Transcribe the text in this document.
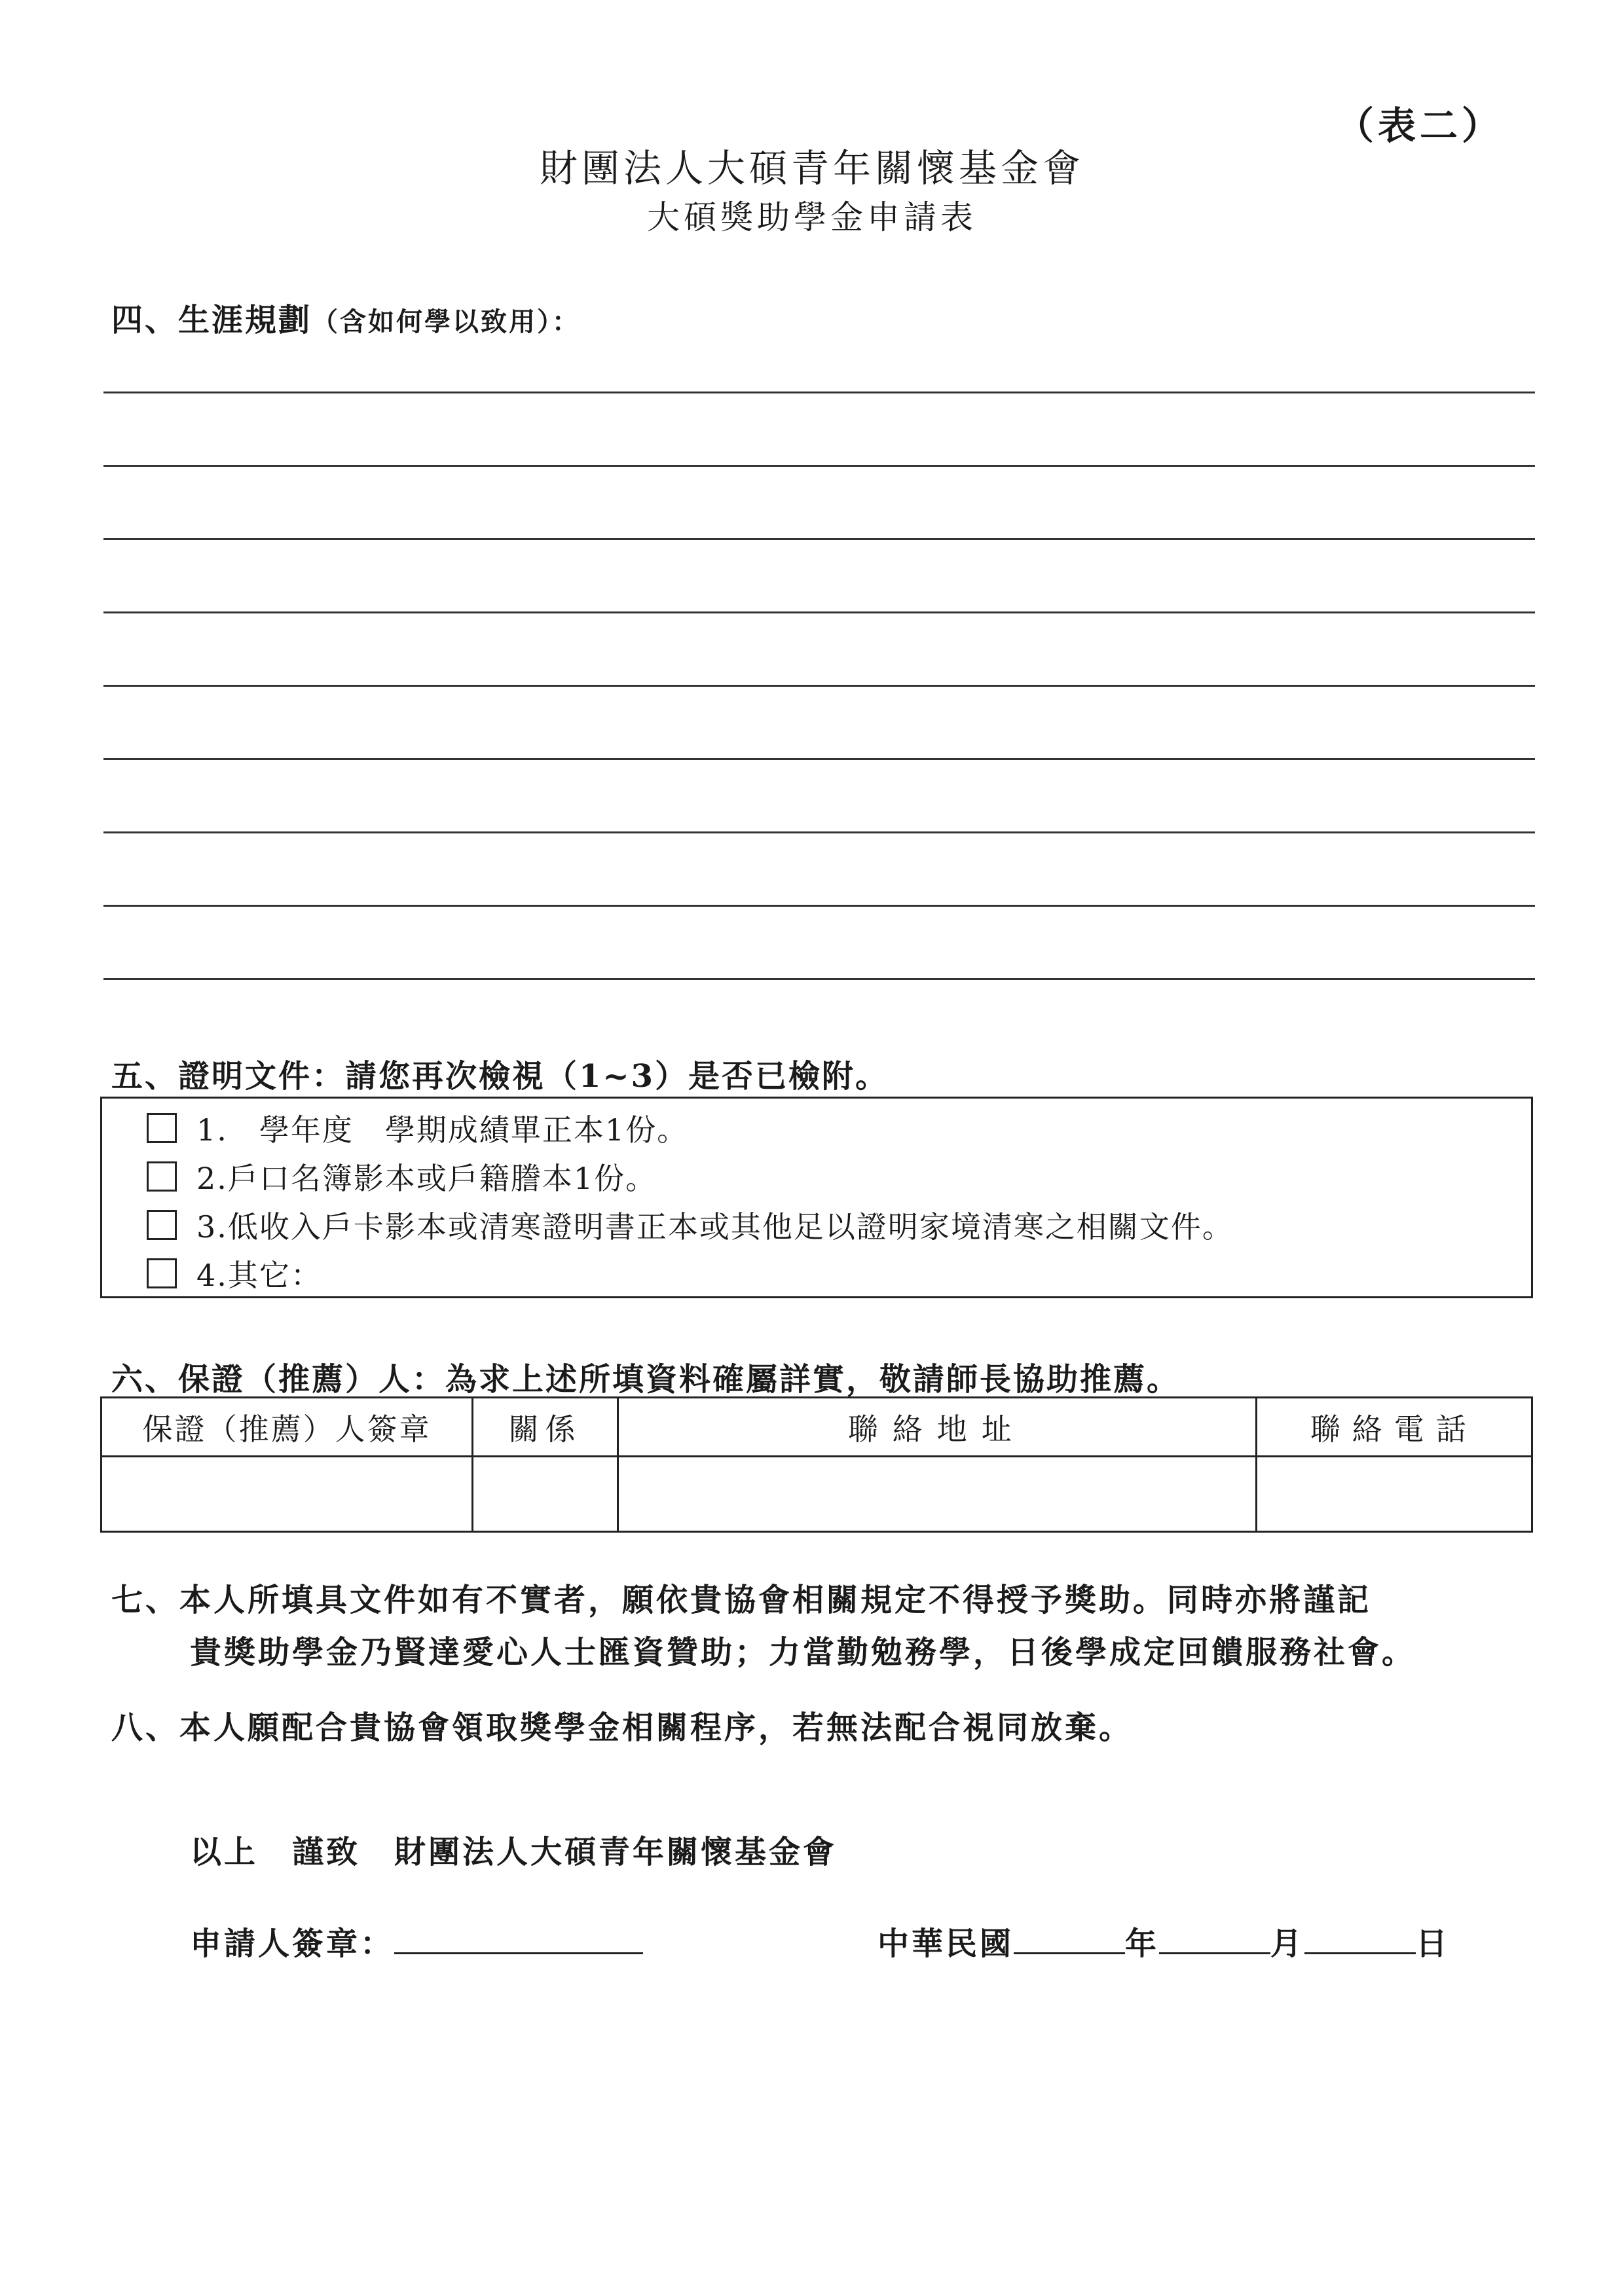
（表二）
財團法人大碩青年關懷基金會
大碩獎助學金申請表
四、生涯規劃（含如何學以致用）：
五、證明文件：請您再次檢視（1~3）是否已檢附。
1.　學年度　學期成績單正本1份。
2.戶口名簿影本或戶籍謄本1份。
3.低收入戶卡影本或清寒證明書正本或其他足以證明家境清寒之相關文件。
4.其它：
六、保證（推薦）人：為求上述所填資料確屬詳實，敬請師長協助推薦。
保證（推薦）人簽章	關係	聯絡地址	聯絡電話

七、本人所填具文件如有不實者，願依貴協會相關規定不得授予獎助。同時亦將謹記
貴獎助學金乃賢達愛心人士匯資贊助；力當勤勉務學，日後學成定回饋服務社會。
八、本人願配合貴協會領取獎學金相關程序，若無法配合視同放棄。
以上　謹致　 財團法人大碩青年關懷基金會
申請人簽章：	中華民國	年	月	日
